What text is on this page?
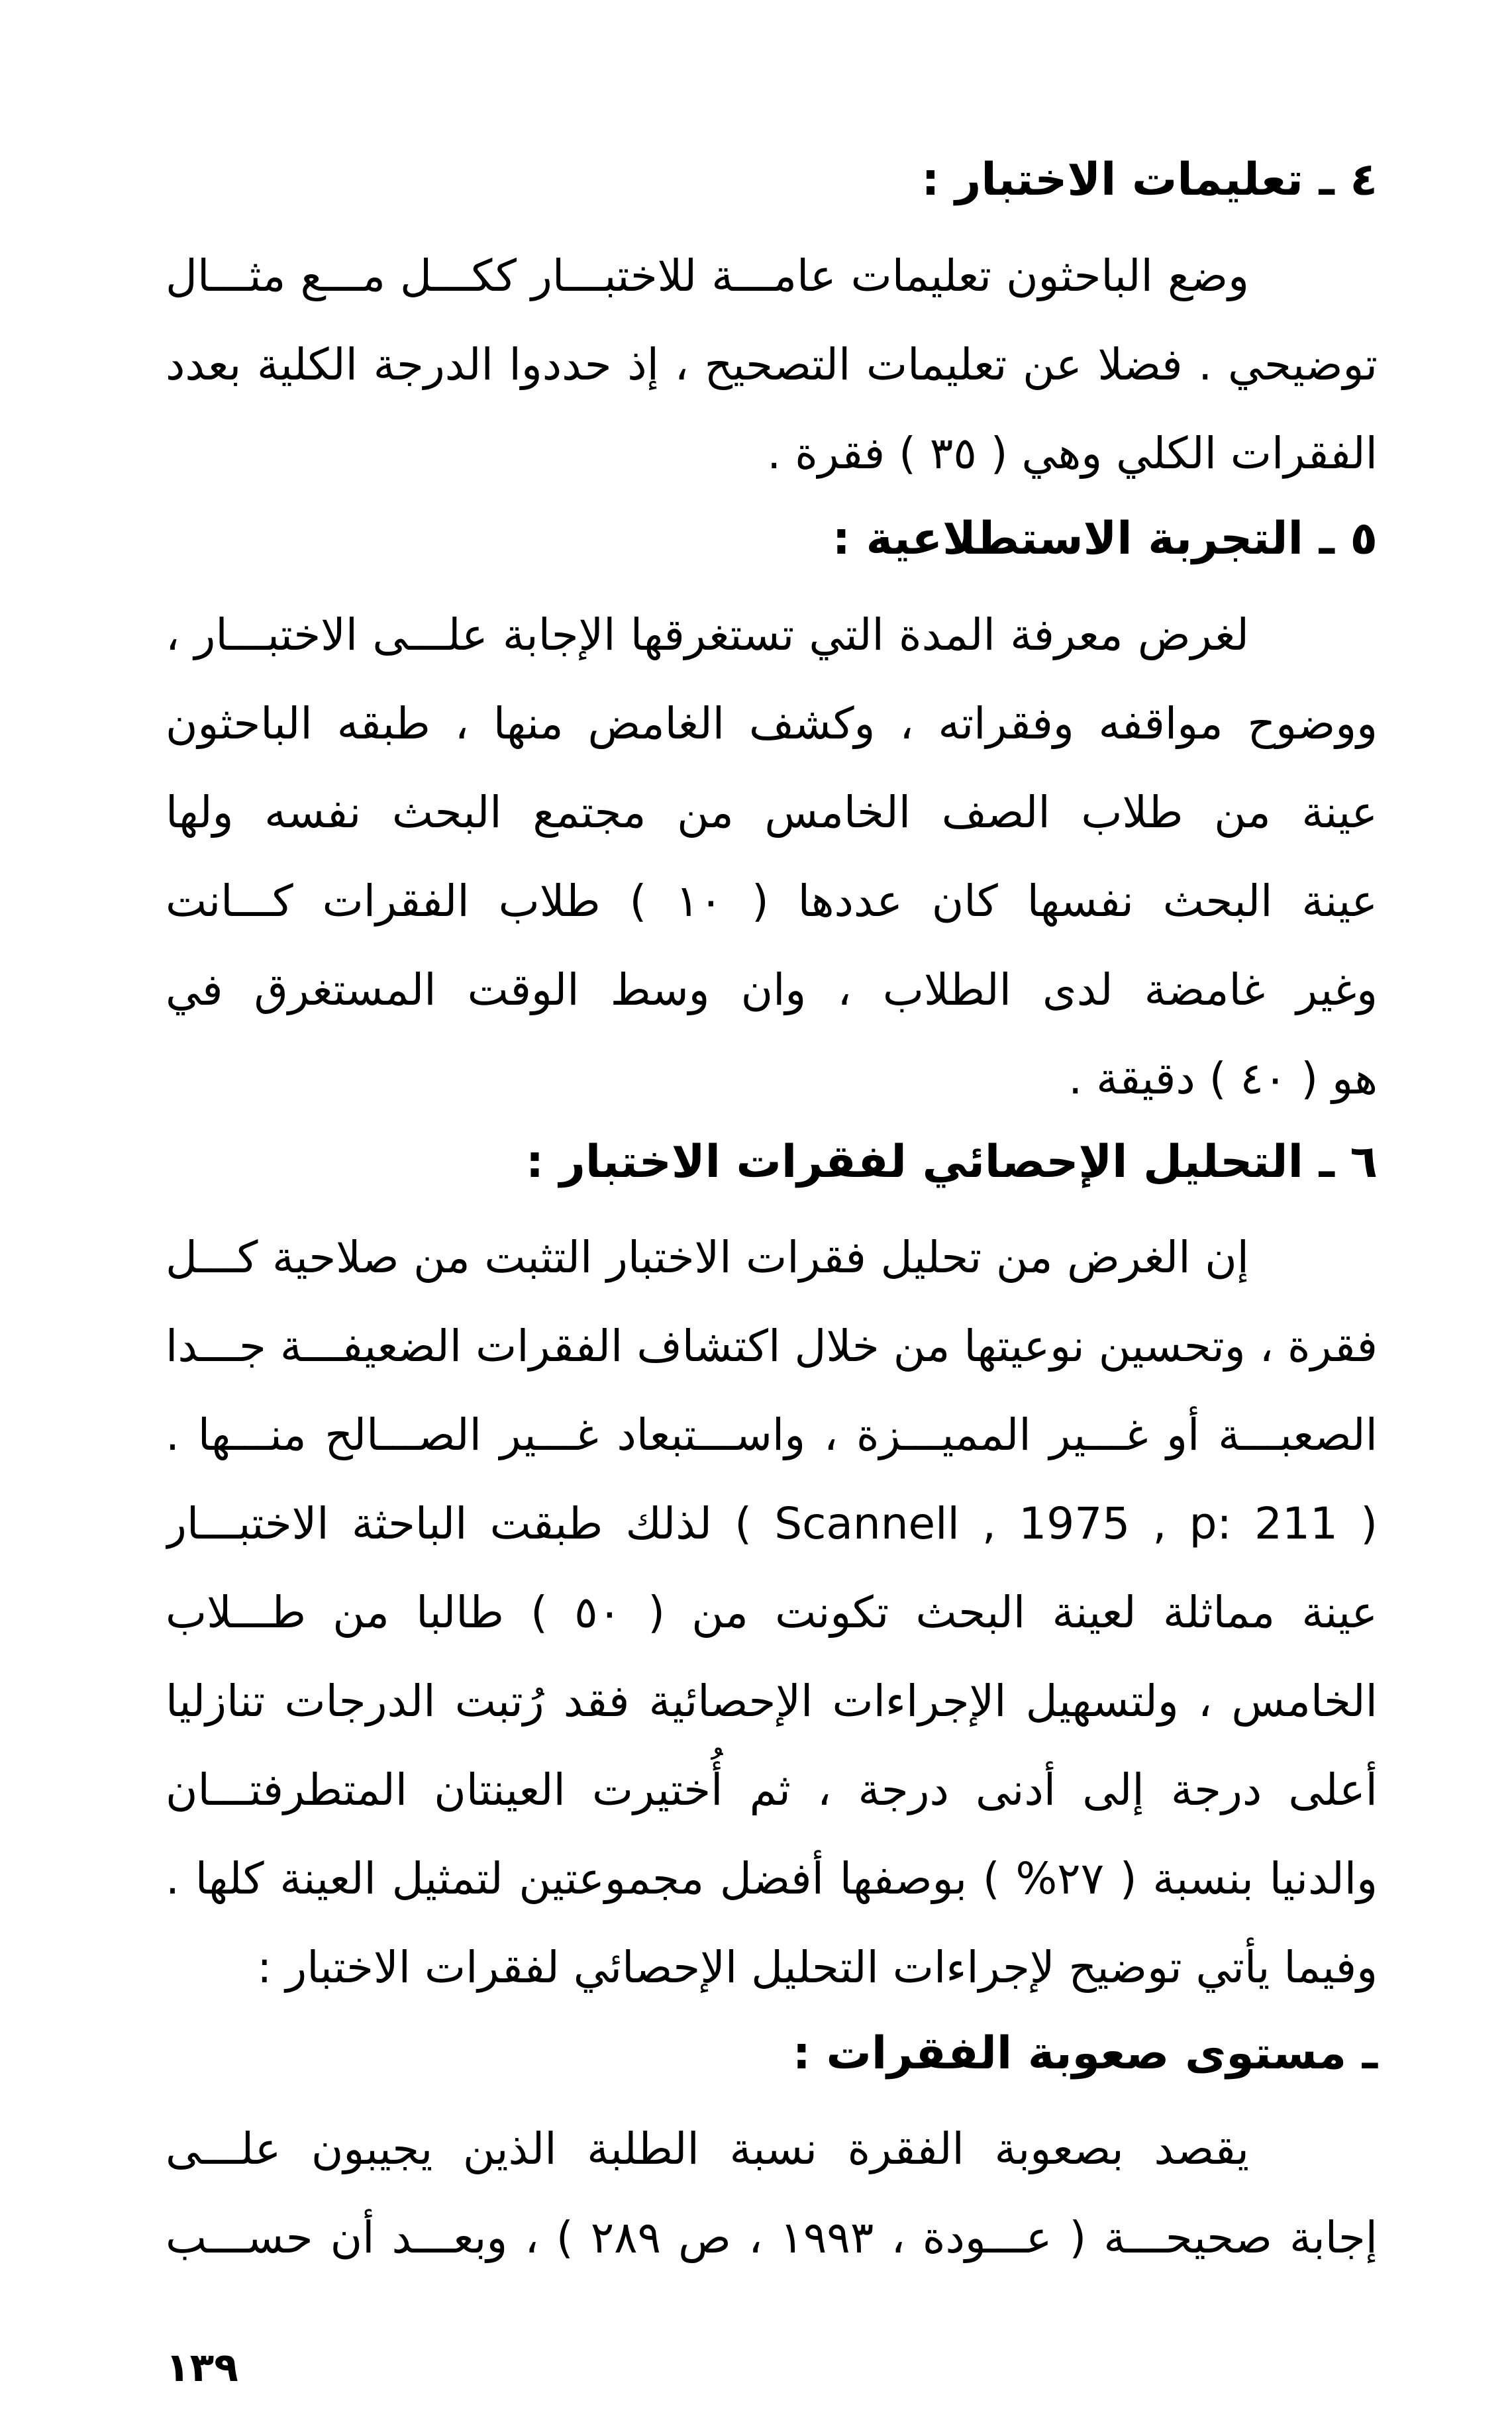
٤ ـ تعليمات الاختبار :
وضع الباحثون تعليمات عامـــة للاختبـــار ككـــل مـــع مثـــال
توضيحي . فضلا عن تعليمات التصحيح ، إذ حددوا الدرجة الكلية بعدد
الفقرات الكلي وهي ( ٣٥ ) فقرة .
٥ ـ التجربة الاستطلاعية :
لغرض معرفة المدة التي تستغرقها الإجابة علـــى الاختبـــار ،
ووضوح مواقفه وفقراته ، وكشف الغامض منها ، طبقه الباحثون
عينة من طلاب الصف الخامس من مجتمع البحث نفسه ولها
عينة البحث نفسها كان عددها ( ١٠ ) طلاب الفقرات كـــانت
وغير غامضة لدى الطلاب ، وان وسط الوقت المستغرق في
هو ( ٤٠ ) دقيقة .
٦ ـ التحليل الإحصائي لفقرات الاختبار :
إن الغرض من تحليل فقرات الاختبار التثبت من صلاحية كـــل
فقرة ، وتحسين نوعيتها من خلال اكتشاف الفقرات الضعيفـــة جـــدا
الصعبـــة أو غـــير المميـــزة ، واســـتبعاد غـــير الصـــالح منـــها .
( Scannell , 1975 , p: 211 ) لذلك طبقت الباحثة الاختبـــار
عينة مماثلة لعينة البحث تكونت من ( ٥٠ ) طالبا من طـــلاب
الخامس ، ولتسهيل الإجراءات الإحصائية فقد رُتبت الدرجات تنازليا
أعلى درجة إلى أدنى درجة ، ثم أُختيرت العينتان المتطرفتـــان
والدنيا بنسبة ( ٢٧% ) بوصفها أفضل مجموعتين لتمثيل العينة كلها .
وفيما يأتي توضيح لإجراءات التحليل الإحصائي لفقرات الاختبار :
ـ مستوى صعوبة الفقرات :
يقصد بصعوبة الفقرة نسبة الطلبة الذين يجيبون علـــى
إجابة صحيحـــة ( عـــودة ، ١٩٩٣ ، ص ٢٨٩ ) ، وبعـــد أن حســـب
١٣٩
